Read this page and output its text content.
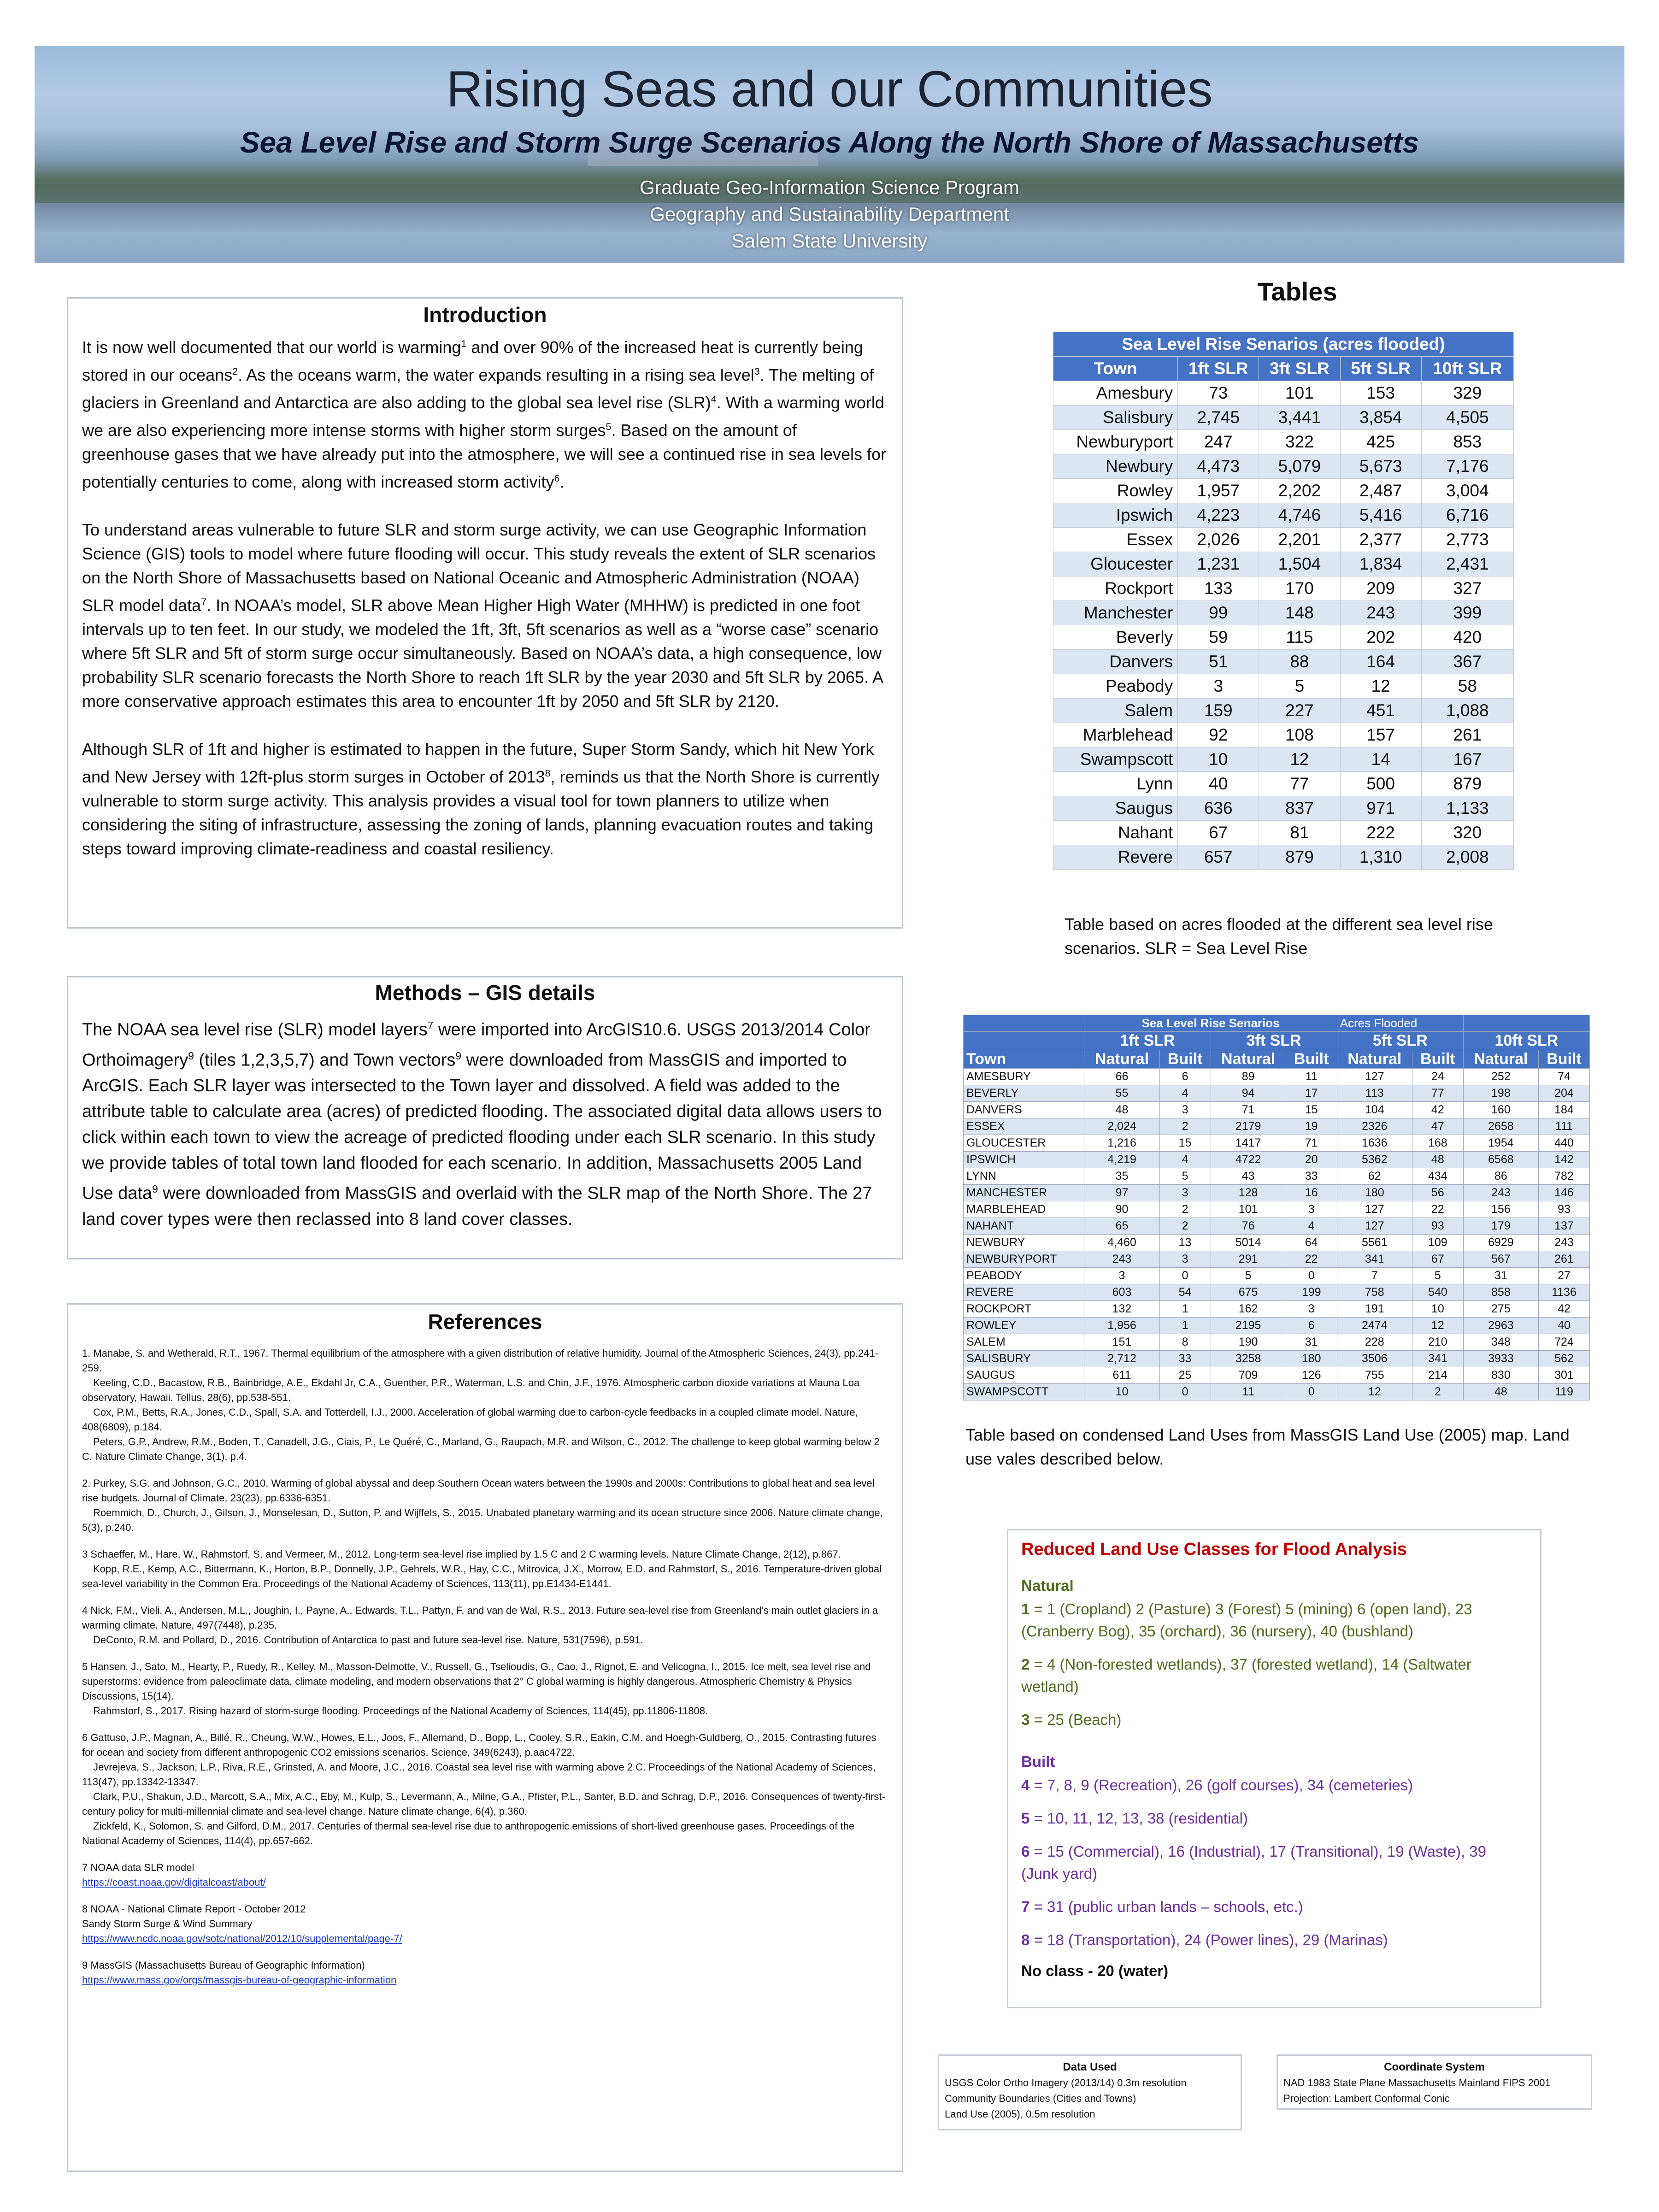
Rising Seas and our Communities
Sea Level Rise and Storm Surge Scenarios Along the North Shore of Massachusetts
Graduate Geo-Information Science Program
Geography and Sustainability Department
Salem State University
Introduction

It is now well documented that our world is warming$^1$ and over 90% of the increased heat is currently being stored in our oceans$^2$. As the oceans warm, the water expands resulting in a rising sea level$^3$. The melting of glaciers in Greenland and Antarctica are also adding to the global sea level rise (SLR)$^4$. With a warming world we are also experiencing more intense storms with higher storm surges$^5$. Based on the amount of greenhouse gases that we have already put into the atmosphere, we will see a continued rise in sea levels for potentially centuries to come, along with increased storm activity$^6$.

To understand areas vulnerable to future SLR and storm surge activity, we can use Geographic Information Science (GIS) tools to model where future flooding will occur. This study reveals the extent of SLR scenarios on the North Shore of Massachusetts based on National Oceanic and Atmospheric Administration (NOAA) SLR model data$^7$. In NOAA’s model, SLR above Mean Higher High Water (MHHW) is predicted in one foot intervals up to ten feet. In our study, we modeled the 1ft, 3ft, 5ft scenarios as well as a “worse case” scenario where 5ft SLR and 5ft of storm surge occur simultaneously. Based on NOAA’s data, a high consequence, low probability SLR scenario forecasts the North Shore to reach 1ft SLR by the year 2030 and 5ft SLR by 2065. A more conservative approach estimates this area to encounter 1ft by 2050 and 5ft SLR by 2120.

Although SLR of 1ft and higher is estimated to happen in the future, Super Storm Sandy, which hit New York and New Jersey with 12ft-plus storm surges in October of 2013$^8$, reminds us that the North Shore is currently vulnerable to storm surge activity. This analysis provides a visual tool for town planners to utilize when considering the siting of infrastructure, assessing the zoning of lands, planning evacuation routes and taking steps toward improving climate-readiness and coastal resiliency.

Methods – GIS details

The NOAA sea level rise (SLR) model layers$^7$ were imported into ArcGIS10.6. USGS 2013/2014 Color Orthoimagery$^9$ (tiles 1,2,3,5,7) and Town vectors$^9$ were downloaded from MassGIS and imported to ArcGIS. Each SLR layer was intersected to the Town layer and dissolved. A field was added to the attribute table to calculate area (acres) of predicted flooding. The associated digital data allows users to click within each town to view the acreage of predicted flooding under each SLR scenario. In this study we provide tables of total town land flooded for each scenario. In addition, Massachusetts 2005 Land Use data$^9$ were downloaded from MassGIS and overlaid with the SLR map of the North Shore. The 27 land cover types were then reclassed into 8 land cover classes.

References
1. Manabe, S. and Wetherald, R.T., 1967. Thermal equilibrium of the atmosphere with a given distribution of relative humidity. Journal of the Atmospheric Sciences, 24(3), pp.241-259.
Keeling, C.D., Bacastow, R.B., Bainbridge, A.E., Ekdahl Jr, C.A., Guenther, P.R., Waterman, L.S. and Chin, J.F., 1976. Atmospheric carbon dioxide variations at Mauna Loa observatory, Hawaii. Tellus, 28(6), pp.538-551.
Cox, P.M., Betts, R.A., Jones, C.D., Spall, S.A. and Totterdell, I.J., 2000. Acceleration of global warming due to carbon-cycle feedbacks in a coupled climate model. Nature, 408(6809), p.184.
Peters, G.P., Andrew, R.M., Boden, T., Canadell, J.G., Ciais, P., Le Quéré, C., Marland, G., Raupach, M.R. and Wilson, C., 2012. The challenge to keep global warming below 2 C. Nature Climate Change, 3(1), p.4.
2. Purkey, S.G. and Johnson, G.C., 2010. Warming of global abyssal and deep Southern Ocean waters between the 1990s and 2000s: Contributions to global heat and sea level rise budgets. Journal of Climate, 23(23), pp.6336-6351.
Roemmich, D., Church, J., Gilson, J., Monselesan, D., Sutton, P. and Wijffels, S., 2015. Unabated planetary warming and its ocean structure since 2006. Nature climate change, 5(3), p.240.
3 Schaeffer, M., Hare, W., Rahmstorf, S. and Vermeer, M., 2012. Long-term sea-level rise implied by 1.5 C and 2 C warming levels. Nature Climate Change, 2(12), p.867.
Kopp, R.E., Kemp, A.C., Bittermann, K., Horton, B.P., Donnelly, J.P., Gehrels, W.R., Hay, C.C., Mitrovica, J.X., Morrow, E.D. and Rahmstorf, S., 2016. Temperature-driven global sea-level variability in the Common Era. Proceedings of the National Academy of Sciences, 113(11), pp.E1434-E1441.
4 Nick, F.M., Vieli, A., Andersen, M.L., Joughin, I., Payne, A., Edwards, T.L., Pattyn, F. and van de Wal, R.S., 2013. Future sea-level rise from Greenland’s main outlet glaciers in a warming climate. Nature, 497(7448), p.235.
DeConto, R.M. and Pollard, D., 2016. Contribution of Antarctica to past and future sea-level rise. Nature, 531(7596), p.591.
5 Hansen, J., Sato, M., Hearty, P., Ruedy, R., Kelley, M., Masson-Delmotte, V., Russell, G., Tselioudis, G., Cao, J., Rignot, E. and Velicogna, I., 2015. Ice melt, sea level rise and superstorms: evidence from paleoclimate data, climate modeling, and modern observations that 2° C global warming is highly dangerous. Atmospheric Chemistry & Physics Discussions, 15(14).
Rahmstorf, S., 2017. Rising hazard of storm-surge flooding. Proceedings of the National Academy of Sciences, 114(45), pp.11806-11808.
6 Gattuso, J.P., Magnan, A., Billé, R., Cheung, W.W., Howes, E.L., Joos, F., Allemand, D., Bopp, L., Cooley, S.R., Eakin, C.M. and Hoegh-Guldberg, O., 2015. Contrasting futures for ocean and society from different anthropogenic CO2 emissions scenarios. Science, 349(6243), p.aac4722.
Jevrejeva, S., Jackson, L.P., Riva, R.E., Grinsted, A. and Moore, J.C., 2016. Coastal sea level rise with warming above 2 C. Proceedings of the National Academy of Sciences, 113(47), pp.13342-13347.
Clark, P.U., Shakun, J.D., Marcott, S.A., Mix, A.C., Eby, M., Kulp, S., Levermann, A., Milne, G.A., Pfister, P.L., Santer, B.D. and Schrag, D.P., 2016. Consequences of twenty-first-century policy for multi-millennial climate and sea-level change. Nature climate change, 6(4), p.360.
Zickfeld, K., Solomon, S. and Gilford, D.M., 2017. Centuries of thermal sea-level rise due to anthropogenic emissions of short-lived greenhouse gases. Proceedings of the National Academy of Sciences, 114(4), pp.657-662.
7 NOAA data SLR model
https://coast.noaa.gov/digitalcoast/about/
8 NOAA - National Climate Report - October 2012
Sandy Storm Surge & Wind Summary
https://www.ncdc.noaa.gov/sotc/national/2012/10/supplemental/page-7/
9 MassGIS (Massachusetts Bureau of Geographic Information)
https://www.mass.gov/orgs/massgis-bureau-of-geographic-information
Tables
Sea Level Rise Senarios (acres flooded)				
Town	1ft SLR	3ft SLR	5ft SLR	10ft SLR
Amesbury	73	101	153	329
Salisbury	2,745	3,441	3,854	4,505
Newburyport	247	322	425	853
Newbury	4,473	5,079	5,673	7,176
Rowley	1,957	2,202	2,487	3,004
Ipswich	4,223	4,746	5,416	6,716
Essex	2,026	2,201	2,377	2,773
Gloucester	1,231	1,504	1,834	2,431
Rockport	133	170	209	327
Manchester	99	148	243	399
Beverly	59	115	202	420
Danvers	51	88	164	367
Peabody	3	5	12	58
Salem	159	227	451	1,088
Marblehead	92	108	157	261
Swampscott	10	12	14	167
Lynn	40	77	500	879
Saugus	636	837	971	1,133
Nahant	67	81	222	320
Revere	657	879	1,310	2,008
Table based on acres flooded at the different sea level rise scenarios. SLR = Sea Level Rise
	Sea Level Rise Senarios				Acres Flooded			
	1ft SLR		3ft SLR		5ft SLR		10ft SLR	
Town	Natural	Built	Natural	Built	Natural	Built	Natural	Built
AMESBURY	66	6	89	11	127	24	252	74
BEVERLY	55	4	94	17	113	77	198	204
DANVERS	48	3	71	15	104	42	160	184
ESSEX	2,024	2	2179	19	2326	47	2658	111
GLOUCESTER	1,216	15	1417	71	1636	168	1954	440
IPSWICH	4,219	4	4722	20	5362	48	6568	142
LYNN	35	5	43	33	62	434	86	782
MANCHESTER	97	3	128	16	180	56	243	146
MARBLEHEAD	90	2	101	3	127	22	156	93
NAHANT	65	2	76	4	127	93	179	137
NEWBURY	4,460	13	5014	64	5561	109	6929	243
NEWBURYPORT	243	3	291	22	341	67	567	261
PEABODY	3	0	5	0	7	5	31	27
REVERE	603	54	675	199	758	540	858	1136
ROCKPORT	132	1	162	3	191	10	275	42
ROWLEY	1,956	1	2195	6	2474	12	2963	40
SALEM	151	8	190	31	228	210	348	724
SALISBURY	2,712	33	3258	180	3506	341	3933	562
SAUGUS	611	25	709	126	755	214	830	301
SWAMPSCOTT	10	0	11	0	12	2	48	119
Table based on condensed Land Uses from MassGIS Land Use (2005) map. Land use vales described below.
Reduced Land Use Classes for Flood Analysis
Natural
1 = 1 (Cropland) 2 (Pasture) 3 (Forest) 5 (mining) 6 (open land), 23 (Cranberry Bog), 35 (orchard), 36 (nursery), 40 (bushland)
2 = 4 (Non-forested wetlands), 37 (forested wetland), 14 (Saltwater wetland)
3 = 25 (Beach)
Built
4 = 7, 8, 9 (Recreation), 26 (golf courses), 34 (cemeteries)
5 = 10, 11, 12, 13, 38 (residential)
6 = 15 (Commercial), 16 (Industrial), 17 (Transitional), 19 (Waste), 39 (Junk yard)
7 = 31 (public urban lands – schools, etc.)
8 = 18 (Transportation), 24 (Power lines), 29 (Marinas)
No class - 20 (water)
Data Used
USGS Color Ortho Imagery (2013/14) 0.3m resolution
Community Boundaries (Cities and Towns)
Land Use (2005), 0.5m resolution
Coordinate System
NAD 1983 State Plane Massachusetts Mainland FIPS 2001
Projection: Lambert Conformal Conic
